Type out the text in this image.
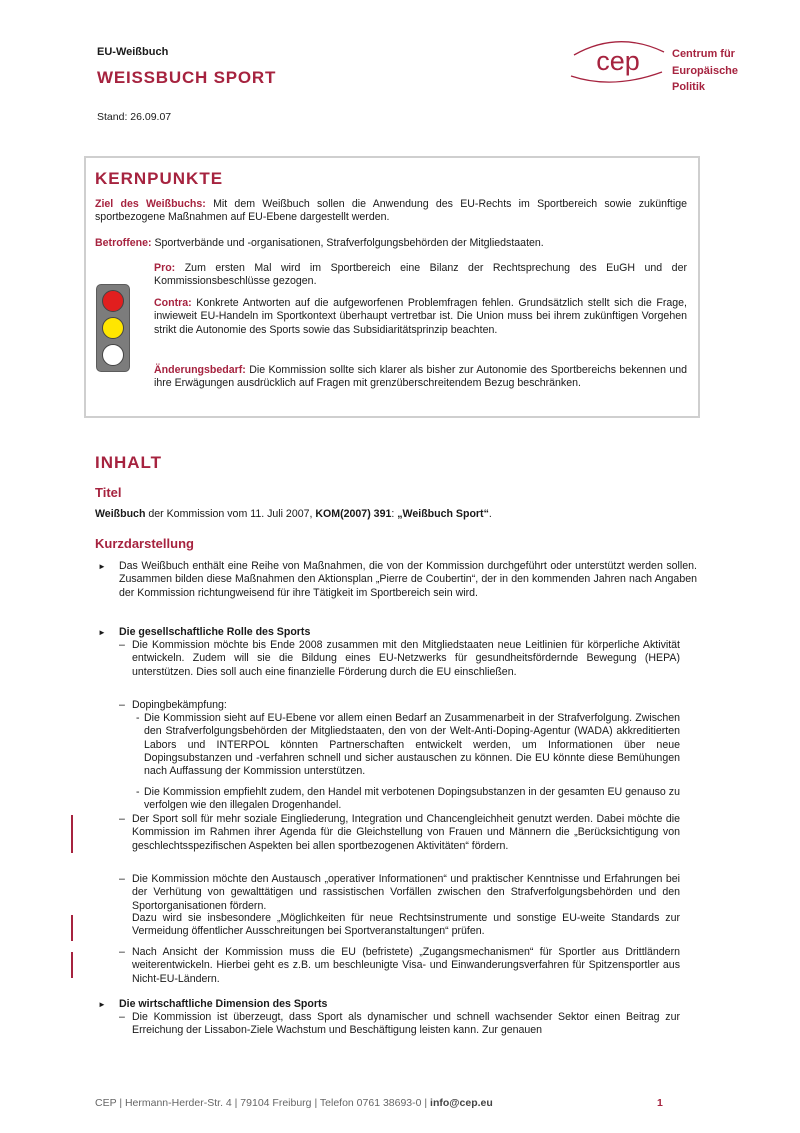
EU-Weißbuch
WEISSBUCH SPORT
Stand: 26.09.07
cep	Centrum für
Europäische
Politik
KERNPUNKTE
Ziel des Weißbuchs: Mit dem Weißbuch sollen die Anwendung des EU-Rechts im Sportbereich sowie zukünftige sportbezogene Maßnahmen auf EU-Ebene dargestellt werden.
Betroffene: Sportverbände und -organisationen, Strafverfolgungsbehörden der Mitgliedstaaten.
Pro: Zum ersten Mal wird im Sportbereich eine Bilanz der Rechtsprechung des EuGH und der Kommissionsbeschlüsse gezogen.
Contra: Konkrete Antworten auf die aufgeworfenen Problemfragen fehlen. Grundsätzlich stellt sich die Frage, inwieweit EU-Handeln im Sportkontext überhaupt vertretbar ist. Die Union muss bei ihrem zukünftigen Vorgehen strikt die Autonomie des Sports sowie das Subsidiaritätsprinzip beachten.
Änderungsbedarf: Die Kommission sollte sich klarer als bisher zur Autonomie des Sportbereichs bekennen und ihre Erwägungen ausdrücklich auf Fragen mit grenzüberschreitendem Bezug beschränken.
INHALT
Titel
Weißbuch der Kommission vom 11. Juli 2007, KOM(2007) 391: „Weißbuch Sport“.
Kurzdarstellung
► Das Weißbuch enthält eine Reihe von Maßnahmen, die von der Kommission durchgeführt oder unterstützt werden sollen. Zusammen bilden diese Maßnahmen den Aktionsplan „Pierre de Coubertin“, der in den kommenden Jahren nach Angaben der Kommission richtungweisend für ihre Tätigkeit im Sportbereich sein wird.
► Die gesellschaftliche Rolle des Sports
– Die Kommission möchte bis Ende 2008 zusammen mit den Mitgliedstaaten neue Leitlinien für körperliche Aktivität entwickeln. Zudem will sie die Bildung eines EU-Netzwerks für gesundheitsfördernde Bewegung (HEPA) unterstützen. Dies soll auch eine finanzielle Förderung durch die EU einschließen.
– Dopingbekämpfung:
- Die Kommission sieht auf EU-Ebene vor allem einen Bedarf an Zusammenarbeit in der Strafverfolgung. Zwischen den Strafverfolgungsbehörden der Mitgliedstaaten, den von der Welt-Anti-Doping-Agentur (WADA) akkreditierten Labors und INTERPOL könnten Partnerschaften entwickelt werden, um Informationen über neue Dopingsubstanzen und -verfahren schnell und sicher austauschen zu können. Die EU könnte diese Bemühungen nach Auffassung der Kommission unterstützen.
- Die Kommission empfiehlt zudem, den Handel mit verbotenen Dopingsubstanzen in der gesamten EU genauso zu verfolgen wie den illegalen Drogenhandel.
– Der Sport soll für mehr soziale Eingliederung, Integration und Chancengleichheit genutzt werden. Dabei möchte die Kommission im Rahmen ihrer Agenda für die Gleichstellung von Frauen und Männern die „Berücksichtigung von geschlechtsspezifischen Aspekten bei allen sportbezogenen Aktivitäten“ fördern.
– Die Kommission möchte den Austausch „operativer Informationen“ und praktischer Kenntnisse und Erfahrungen bei der Verhütung von gewalttätigen und rassistischen Vorfällen zwischen den Strafverfolgungsbehörden und den Sportorganisationen fördern.
Dazu wird sie insbesondere „Möglichkeiten für neue Rechtsinstrumente und sonstige EU-weite Standards zur Vermeidung öffentlicher Ausschreitungen bei Sportveranstaltungen“ prüfen.
– Nach Ansicht der Kommission muss die EU (befristete) „Zugangsmechanismen“ für Sportler aus Drittländern weiterentwickeln. Hierbei geht es z.B. um beschleunigte Visa- und Einwanderungsverfahren für Spitzensportler aus Nicht-EU-Ländern.
► Die wirtschaftliche Dimension des Sports
– Die Kommission ist überzeugt, dass Sport als dynamischer und schnell wachsender Sektor einen Beitrag zur Erreichung der Lissabon-Ziele Wachstum und Beschäftigung leisten kann. Zur genauen
CEP | Hermann-Herder-Str. 4 | 79104 Freiburg | Telefon 0761 38693-0 | info@cep.eu	1
